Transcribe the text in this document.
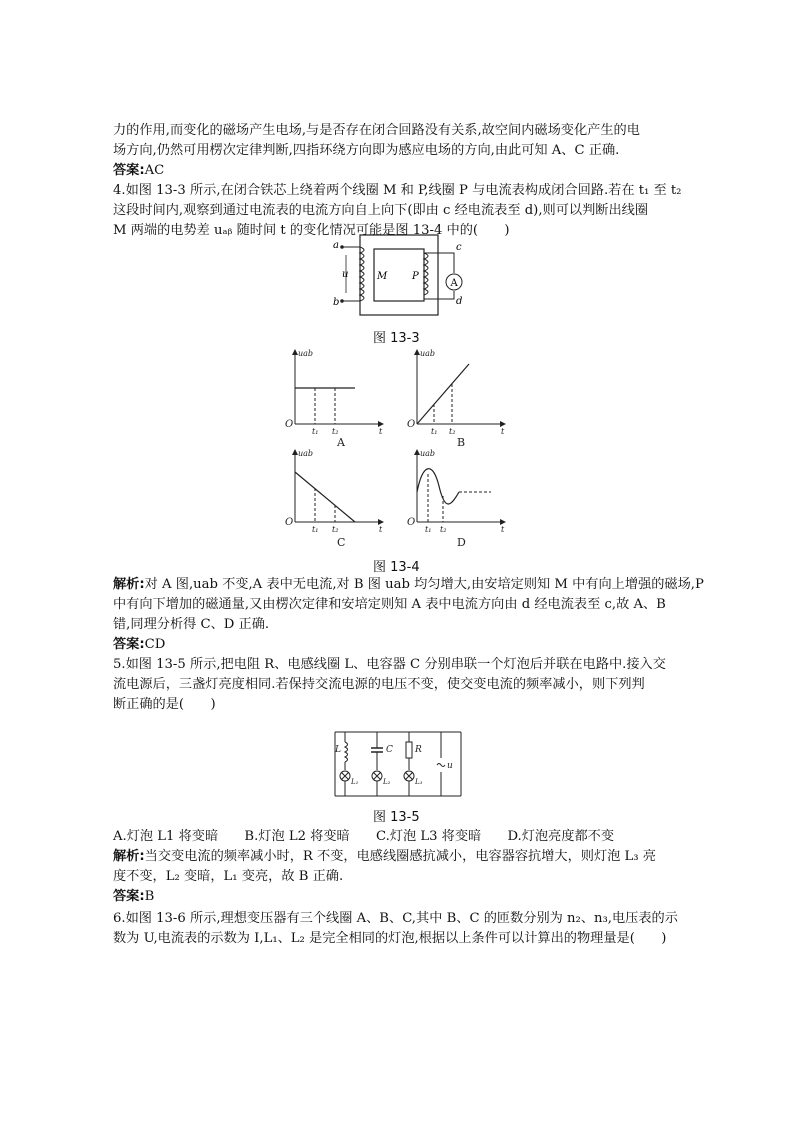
力的作用,而变化的磁场产生电场,与是否存在闭合回路没有关系,故空间内磁场变化产生的电
场方向,仍然可用楞次定律判断,四指环绕方向即为感应电场的方向,由此可知 A、C 正确.
答案:AC
4.如图 13-3 所示,在闭合铁芯上绕着两个线圈 M 和 P,线圈 P 与电流表构成闭合回路.若在 t₁ 至 t₂
这段时间内,观察到通过电流表的电流方向自上向下(即由 c 经电流表至 d),则可以判断出线圈
M 两端的电势差 uₐᵦ 随时间 t 的变化情况可能是图 13-4 中的(　　)
A
a
b
u	M P
c
d
图 13-3
uab	uab
uab	uab
t	t
t	t
t₁ t₂	t₁ t₂
t₁ t₂	t₁ t₂
O	O
O	O
A	B
C	D
图 13-4
解析:对 A 图,uab 不变,A 表中无电流,对 B 图 uab 均匀增大,由安培定则知 M 中有向上增强的磁场,P
中有向下增加的磁通量,又由楞次定律和安培定则知 A 表中电流方向由 d 经电流表至 c,故 A、B
错,同理分析得 C、D 正确.
答案:CD
5.如图 13-5 所示,把电阻 R、电感线圈 L、电容器 C 分别串联一个灯泡后并联在电路中.接入交
流电源后，三盏灯亮度相同.若保持交流电源的电压不变，使交变电流的频率减小，则下列判
断正确的是(　　)
L	C R
u
L₁	L₂	L₃
图 13-5
A.灯泡 L1 将变暗 B.灯泡 L2 将变暗 C.灯泡 L3 将变暗 D.灯泡亮度都不变
解析:当交变电流的频率减小时，R 不变，电感线圈感抗减小，电容器容抗增大，则灯泡 L₃ 亮
度不变，L₂ 变暗，L₁ 变亮，故 B 正确.
答案:B
6.如图 13-6 所示,理想变压器有三个线圈 A、B、C,其中 B、C 的匝数分别为 n₂、n₃,电压表的示
数为 U,电流表的示数为 I,L₁、L₂ 是完全相同的灯泡,根据以上条件可以计算出的物理量是(　　)
